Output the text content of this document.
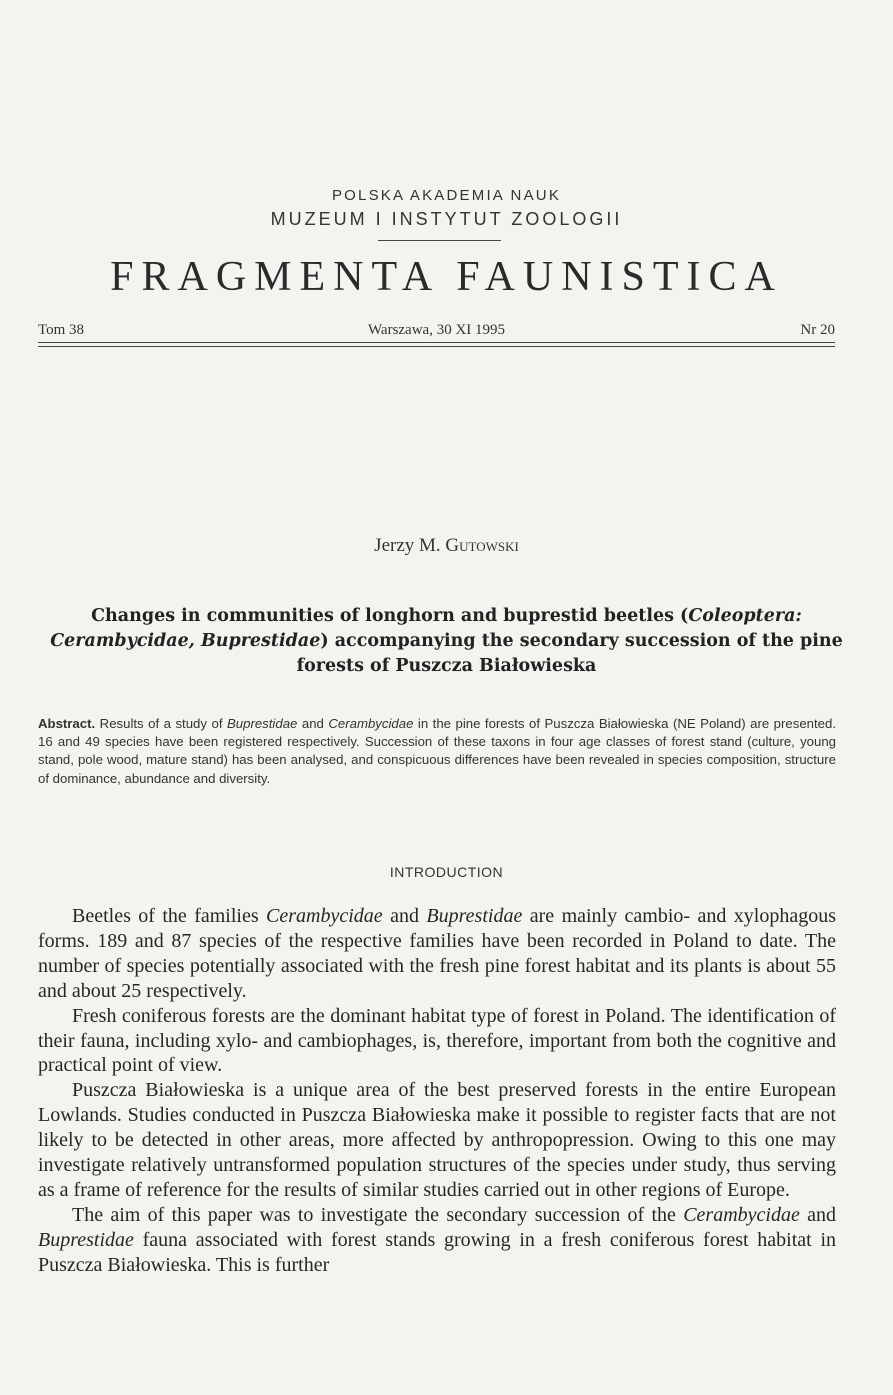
POLSKA AKADEMIA NAUK
MUZEUM I INSTYTUT ZOOLOGII
FRAGMENTA FAUNISTICA
Warszawa, 30 XI 1995
Tom 38	Nr 20
Jerzy M. Gutowski
Changes in communities of longhorn and buprestid beetles (Coleoptera: Cerambycidae, Buprestidae) accompanying the secondary succession of the pine forests of Puszcza Białowieska

Abstract. Results of a study of Buprestidae and Cerambycidae in the pine forests of Puszcza Białowieska (NE Poland) are presented. 16 and 49 species have been registered respectively. Succession of these taxons in four age classes of forest stand (culture, young stand, pole wood, mature stand) has been analysed, and conspicuous differences have been revealed in species composition, structure of dominance, abundance and diversity.

INTRODUCTION

Beetles of the families Cerambycidae and Buprestidae are mainly cambio- and xylophagous forms. 189 and 87 species of the respective families have been recorded in Poland to date. The number of species potentially associated with the fresh pine forest habitat and its plants is about 55 and about 25 respectively.

Fresh coniferous forests are the dominant habitat type of forest in Poland. The identification of their fauna, including xylo- and cambiophages, is, therefore, important from both the cognitive and practical point of view.

Puszcza Białowieska is a unique area of the best preserved forests in the entire European Lowlands. Studies conducted in Puszcza Białowieska make it possible to register facts that are not likely to be detected in other areas, more affected by anthropopression. Owing to this one may investigate relatively untransformed population structures of the species under study, thus serving as a frame of reference for the results of similar studies carried out in other regions of Europe.

The aim of this paper was to investigate the secondary succession of the Cerambycidae and Buprestidae fauna associated with forest stands growing in a fresh coniferous forest habitat in Puszcza Białowieska. This is further
